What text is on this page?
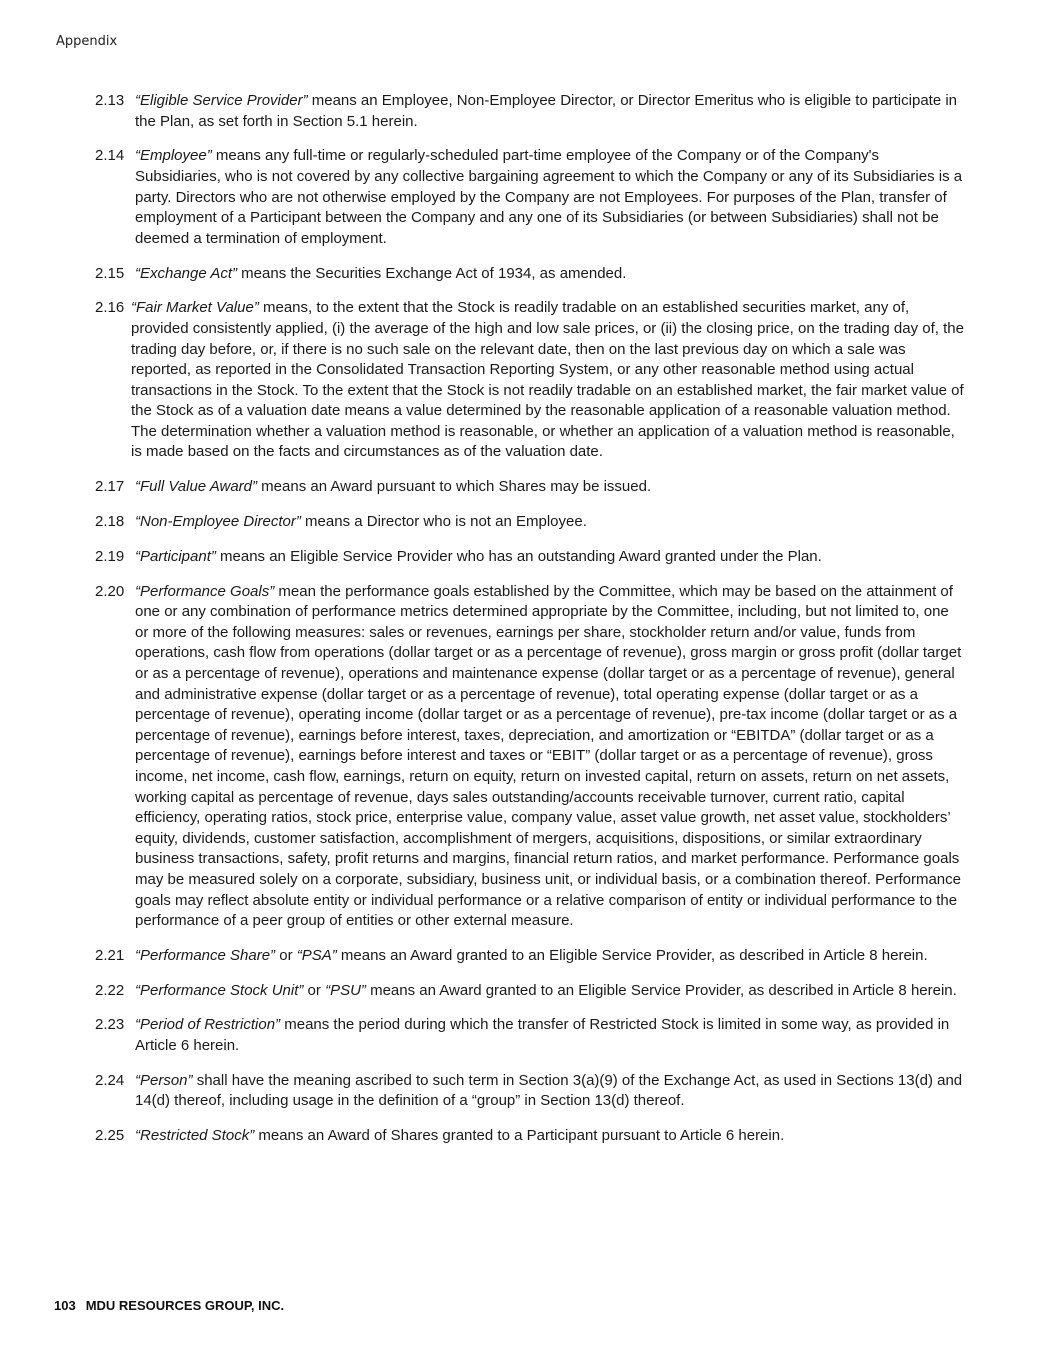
Appendix
2.13 “Eligible Service Provider” means an Employee, Non-Employee Director, or Director Emeritus who is eligible to participate in the Plan, as set forth in Section 5.1 herein.
2.14 “Employee” means any full-time or regularly-scheduled part-time employee of the Company or of the Company's Subsidiaries, who is not covered by any collective bargaining agreement to which the Company or any of its Subsidiaries is a party. Directors who are not otherwise employed by the Company are not Employees. For purposes of the Plan, transfer of employment of a Participant between the Company and any one of its Subsidiaries (or between Subsidiaries) shall not be deemed a termination of employment.
2.15 “Exchange Act” means the Securities Exchange Act of 1934, as amended.
2.16 “Fair Market Value” means, to the extent that the Stock is readily tradable on an established securities market, any of, provided consistently applied, (i) the average of the high and low sale prices, or (ii) the closing price, on the trading day of, the trading day before, or, if there is no such sale on the relevant date, then on the last previous day on which a sale was reported, as reported in the Consolidated Transaction Reporting System, or any other reasonable method using actual transactions in the Stock. To the extent that the Stock is not readily tradable on an established market, the fair market value of the Stock as of a valuation date means a value determined by the reasonable application of a reasonable valuation method. The determination whether a valuation method is reasonable, or whether an application of a valuation method is reasonable, is made based on the facts and circumstances as of the valuation date.
2.17 “Full Value Award” means an Award pursuant to which Shares may be issued.
2.18 “Non-Employee Director” means a Director who is not an Employee.
2.19 “Participant” means an Eligible Service Provider who has an outstanding Award granted under the Plan.
2.20 “Performance Goals” mean the performance goals established by the Committee, which may be based on the attainment of one or any combination of performance metrics determined appropriate by the Committee, including, but not limited to, one or more of the following measures: sales or revenues, earnings per share, stockholder return and/or value, funds from operations, cash flow from operations (dollar target or as a percentage of revenue), gross margin or gross profit (dollar target or as a percentage of revenue), operations and maintenance expense (dollar target or as a percentage of revenue), general and administrative expense (dollar target or as a percentage of revenue), total operating expense (dollar target or as a percentage of revenue), operating income (dollar target or as a percentage of revenue), pre-tax income (dollar target or as a percentage of revenue), earnings before interest, taxes, depreciation, and amortization or “EBITDA” (dollar target or as a percentage of revenue), earnings before interest and taxes or “EBIT” (dollar target or as a percentage of revenue), gross income, net income, cash flow, earnings, return on equity, return on invested capital, return on assets, return on net assets, working capital as percentage of revenue, days sales outstanding/accounts receivable turnover, current ratio, capital efficiency, operating ratios, stock price, enterprise value, company value, asset value growth, net asset value, stockholders’ equity, dividends, customer satisfaction, accomplishment of mergers, acquisitions, dispositions, or similar extraordinary business transactions, safety, profit returns and margins, financial return ratios, and market performance. Performance goals may be measured solely on a corporate, subsidiary, business unit, or individual basis, or a combination thereof. Performance goals may reflect absolute entity or individual performance or a relative comparison of entity or individual performance to the performance of a peer group of entities or other external measure.
2.21 “Performance Share” or “PSA” means an Award granted to an Eligible Service Provider, as described in Article 8 herein.
2.22 “Performance Stock Unit” or “PSU” means an Award granted to an Eligible Service Provider, as described in Article 8 herein.
2.23 “Period of Restriction” means the period during which the transfer of Restricted Stock is limited in some way, as provided in Article 6 herein.
2.24 “Person” shall have the meaning ascribed to such term in Section 3(a)(9) of the Exchange Act, as used in Sections 13(d) and 14(d) thereof, including usage in the definition of a “group” in Section 13(d) thereof.
2.25 “Restricted Stock” means an Award of Shares granted to a Participant pursuant to Article 6 herein.
103 MDU RESOURCES GROUP, INC.
